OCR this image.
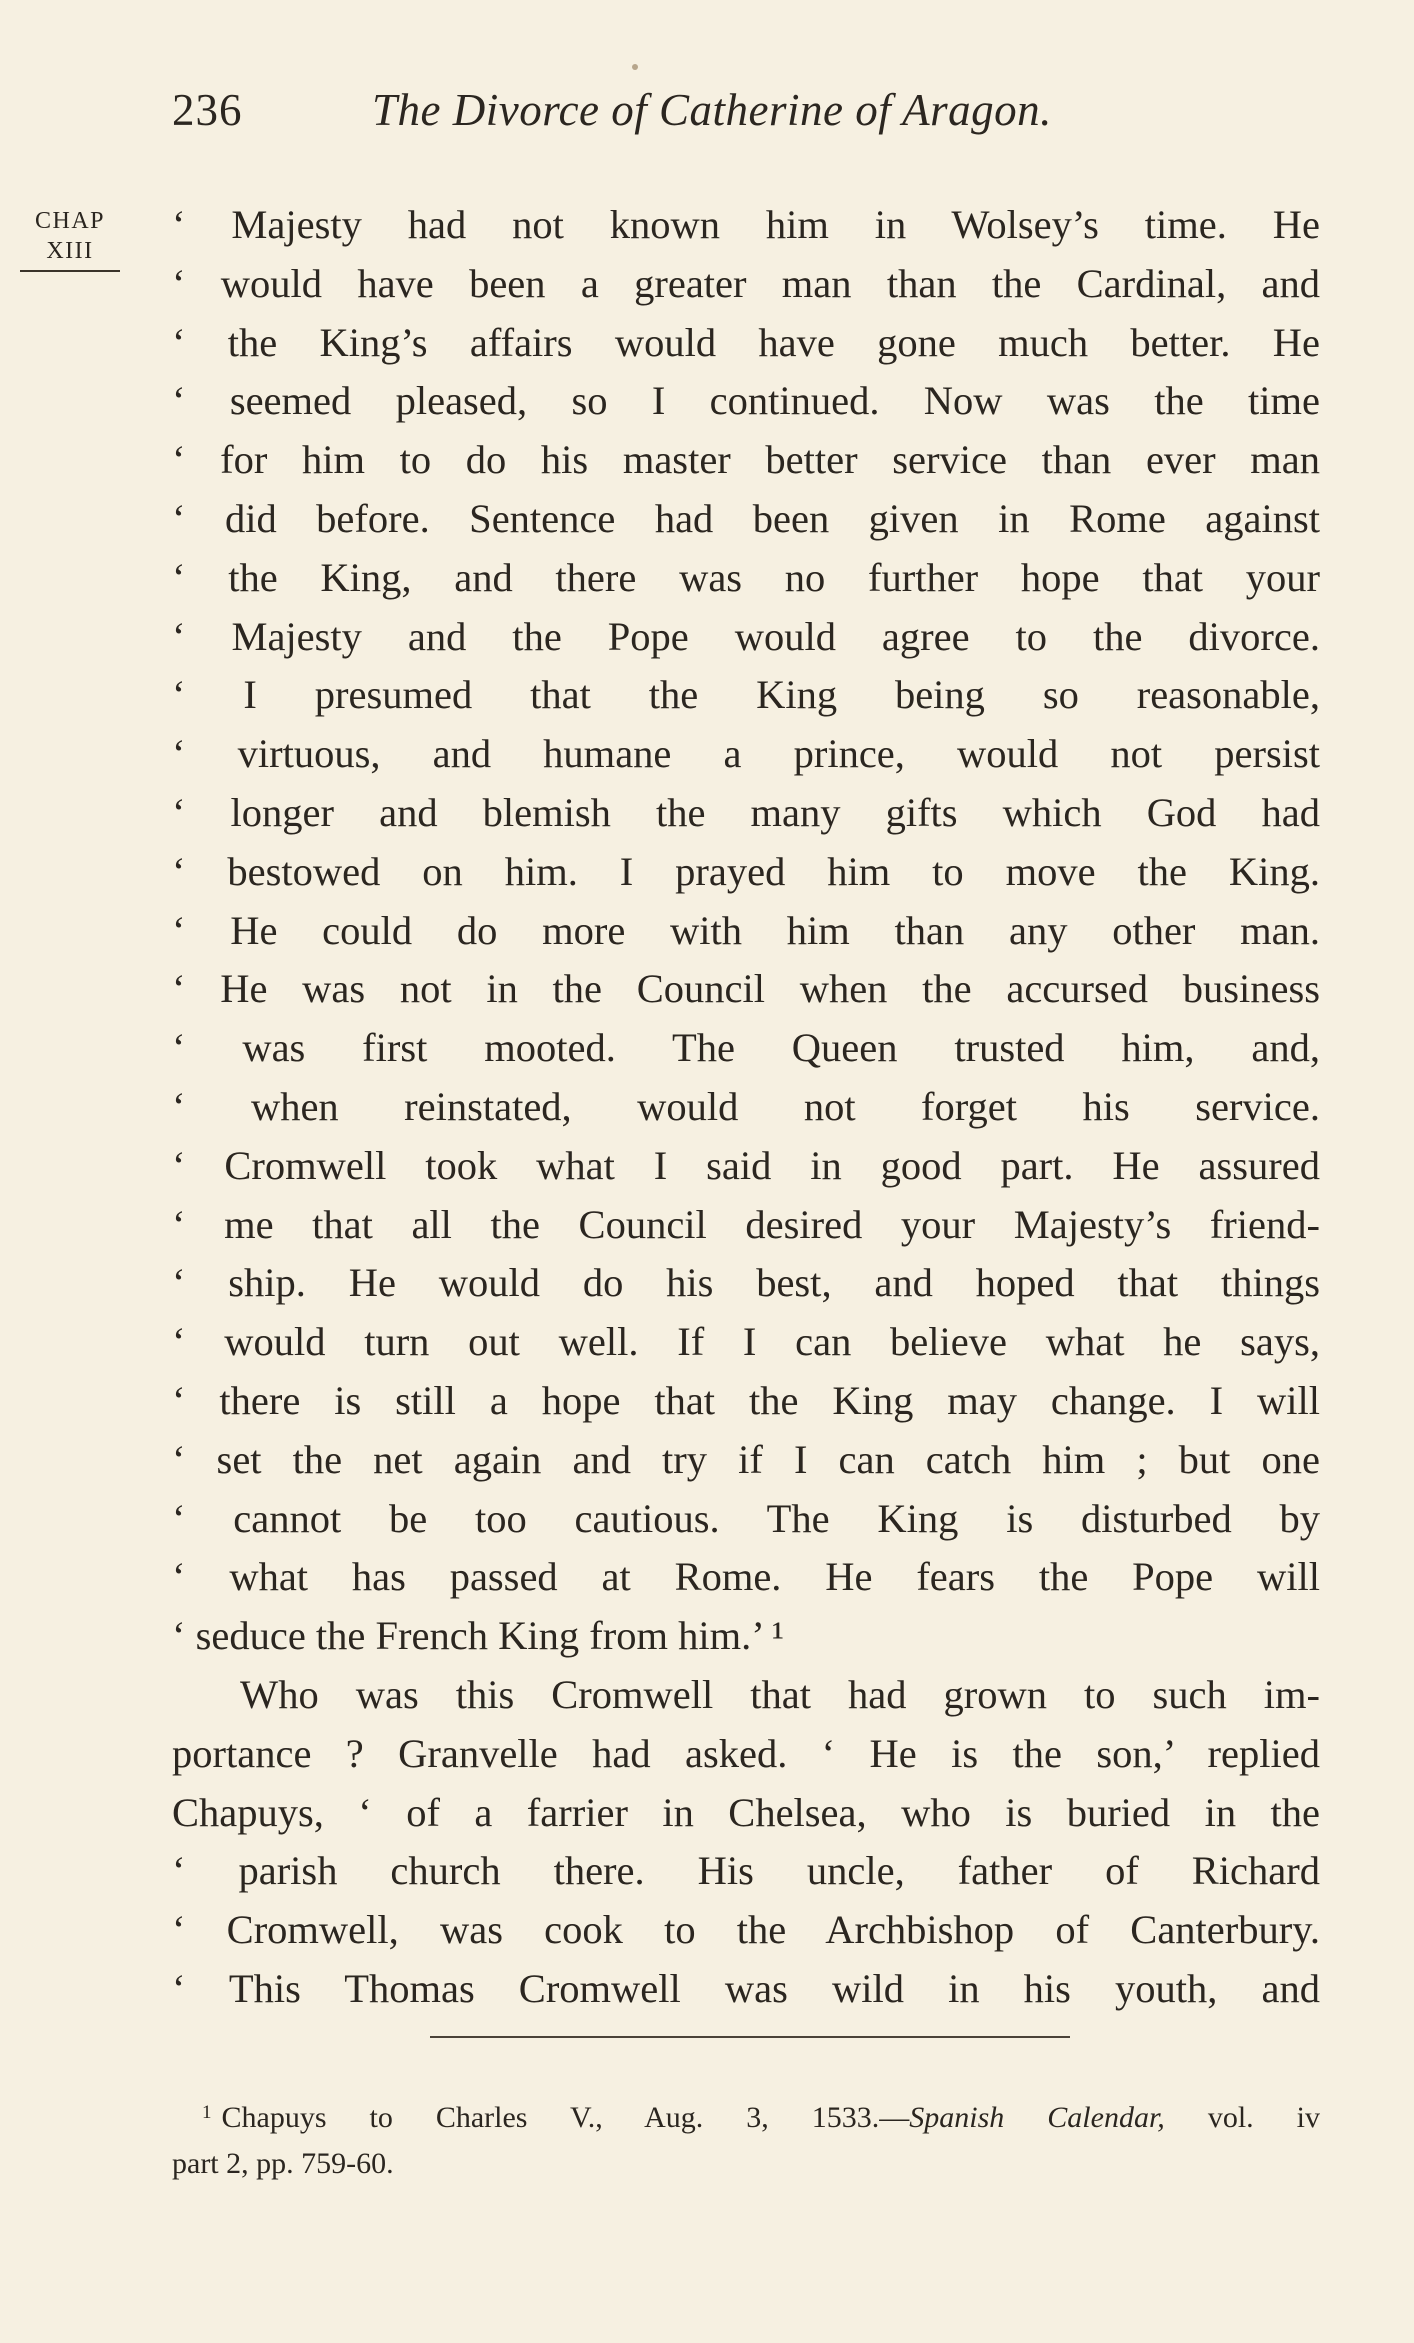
236	The Divorce of Catherine of Aragon.
CHAP
XIII
‘ Majesty had not known him in Wolsey’s time. He
‘ would have been a greater man than the Cardinal, and
‘ the King’s affairs would have gone much better. He
‘ seemed pleased, so I continued. Now was the time
‘ for him to do his master better service than ever man
‘ did before. Sentence had been given in Rome against
‘ the King, and there was no further hope that your
‘ Majesty and the Pope would agree to the divorce.
‘ I presumed that the King being so reasonable,
‘ virtuous, and humane a prince, would not persist
‘ longer and blemish the many gifts which God had
‘ bestowed on him. I prayed him to move the King.
‘ He could do more with him than any other man.
‘ He was not in the Council when the accursed business
‘ was first mooted. The Queen trusted him, and,
‘ when reinstated, would not forget his service.
‘ Cromwell took what I said in good part. He assured
‘ me that all the Council desired your Majesty’s friend-
‘ ship. He would do his best, and hoped that things
‘ would turn out well. If I can believe what he says,
‘ there is still a hope that the King may change. I will
‘ set the net again and try if I can catch him ; but one
‘ cannot be too cautious. The King is disturbed by
‘ what has passed at Rome. He fears the Pope will
‘ seduce the French King from him.’ ¹
Who was this Cromwell that had grown to such im-
portance ? Granvelle had asked. ‘ He is the son,’ replied
Chapuys, ‘ of a farrier in Chelsea, who is buried in the
‘ parish church there. His uncle, father of Richard
‘ Cromwell, was cook to the Archbishop of Canterbury.
‘ This Thomas Cromwell was wild in his youth, and
$^1$ Chapuys to Charles V., Aug. 3, 1533.—Spanish Calendar, vol. iv
part 2, pp. 759-60.
